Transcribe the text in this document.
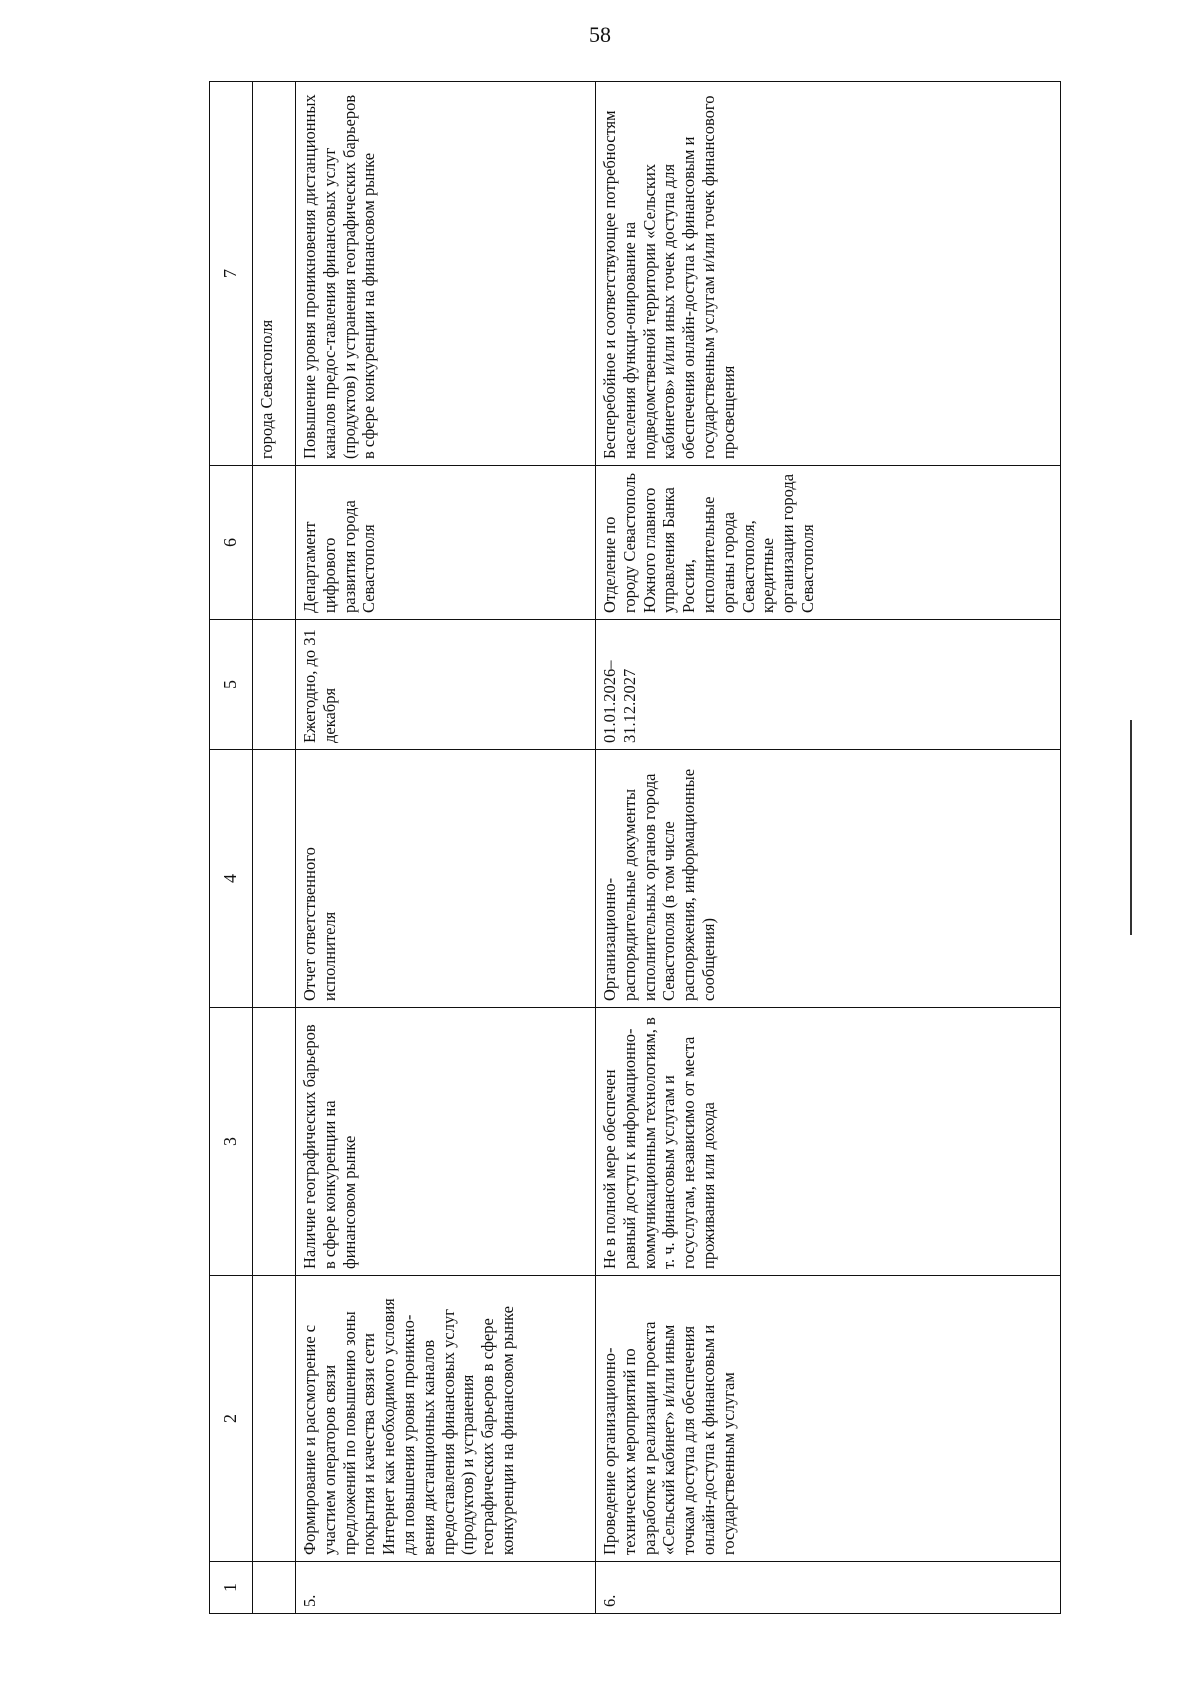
58
1	2	3	4	5	6	7
						города Севастополя
5.	Формирование и рассмотрение с участием операторов связи предложений по повышению зоны покрытия и качества связи сети Интернет как необходимого условия для повышения уровня проникно-вения дистанционных каналов предоставления финансовых услуг (продуктов) и устранения географических барьеров в сфере конкуренции на финансовом рынке	Наличие географических барьеров в сфере конкуренции на финансовом рынке	Отчет ответственного исполнителя	Ежегодно, до 31 декабря	Департамент цифрового развития города Севастополя	Повышение уровня проникновения дистанционных каналов предос-тавления финансовых услуг (продуктов) и устранения географических барьеров в сфере конкуренции на финансовом рынке
6.	Проведение организационно-технических мероприятий по разработке и реализации проекта «Сельский кабинет» и/или иным точкам доступа для обеспечения онлайн-доступа к финансовым и государственным услугам	Не в полной мере обеспечен равный доступ к информационно-коммуникационным технологиям, в т. ч. финансовым услугам и госуслугам, независимо от места проживания или дохода	Организационно-распорядительные документы исполнительных органов города Севастополя (в том числе распоряжения, информационные сообщения)	01.01.2026–31.12.2027	Отделение по городу Севастополь Южного главного управления Банка России, исполнительные органы города Севастополя, кредитные организации города Севастополя	Бесперебойное и соответствующее потребностям населения функци-онирование на подведомственной территории «Сельских кабинетов» и/или иных точек доступа для обеспечения онлайн-доступа к финансовым и государственным услугам и/или точек финансового просвещения
